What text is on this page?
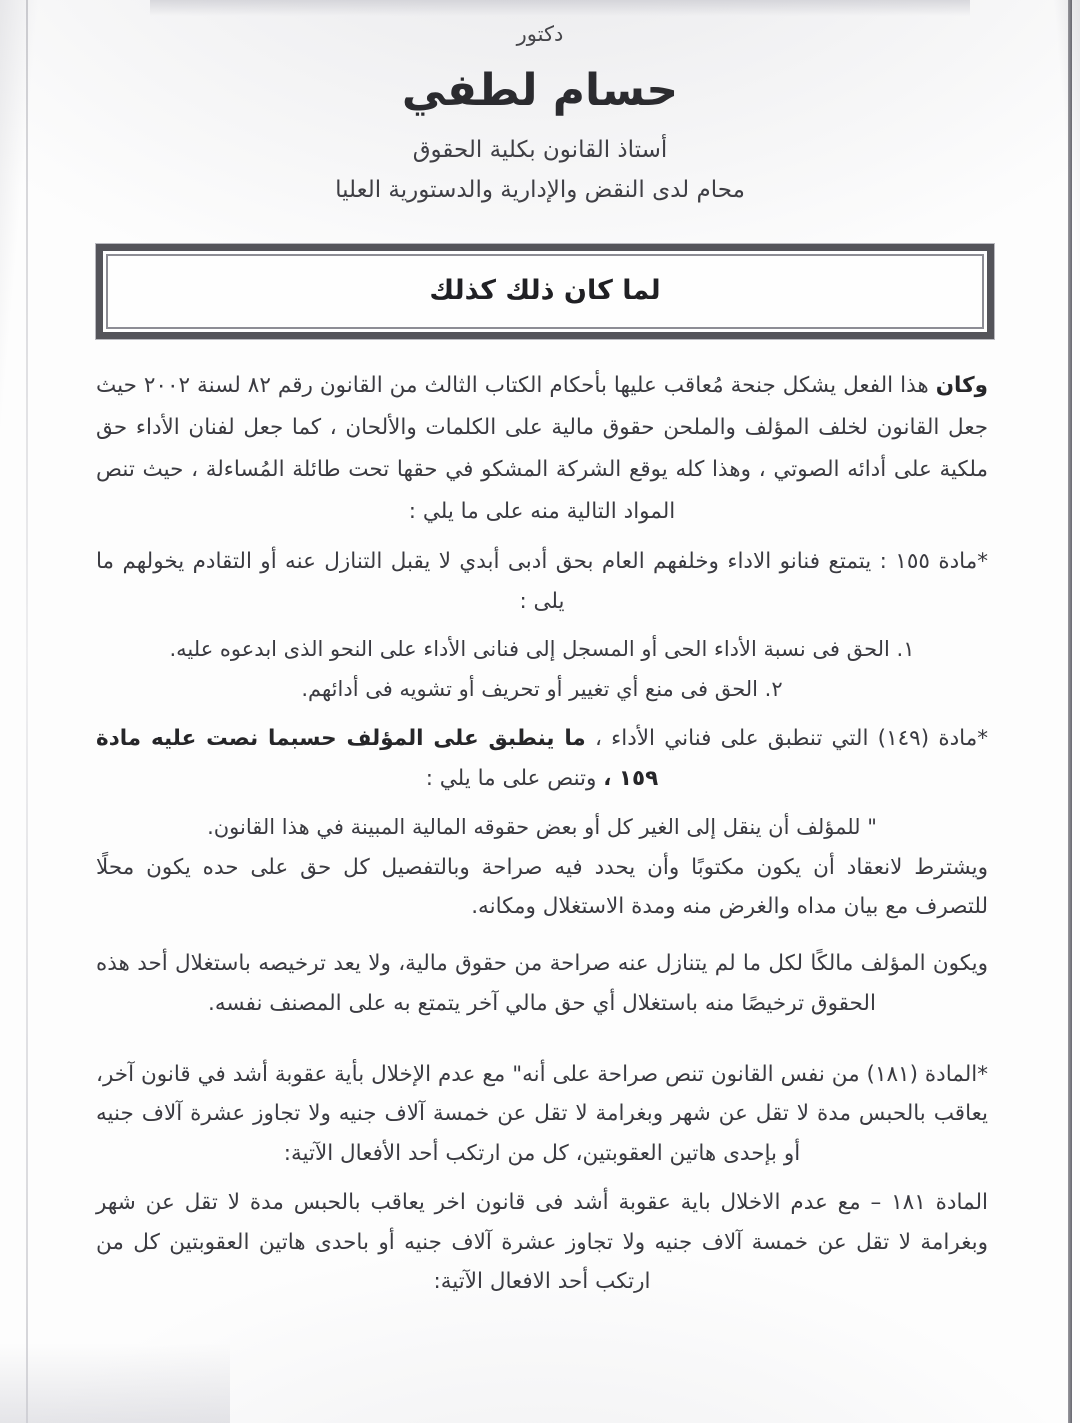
دكتور
حسام لطفي
أستاذ القانون بكلية الحقوق
محام لدى النقض والإدارية والدستورية العليا
لما كان ذلك كذلك

وكان هذا الفعل يشكل جنحة مُعاقب عليها بأحكام الكتاب الثالث من القانون رقم ٨٢ لسنة ٢٠٠٢ حيث جعل القانون لخلف المؤلف والملحن حقوق مالية على الكلمات والألحان ، كما جعل لفنان الأداء حق ملكية على أدائه الصوتي ، وهذا كله يوقع الشركة المشكو في حقها تحت طائلة المُساءلة ، حيث تنص المواد التالية منه على ما يلي :

*مادة ١٥٥ : يتمتع فنانو الاداء وخلفهم العام بحق أدبى أبدي لا يقبل التنازل عنه أو التقادم يخولهم ما يلى :

١. الحق فى نسبة الأداء الحى أو المسجل إلى فنانى الأداء على النحو الذى ابدعوه عليه.

٢. الحق فى منع أي تغيير أو تحريف أو تشويه فى أدائهم.

*مادة (١٤٩) التي تنطبق على فناني الأداء ، ما ينطبق على المؤلف حسبما نصت عليه مادة ١٥٩ ، وتنص على ما يلي :

" للمؤلف أن ينقل إلى الغير كل أو بعض حقوقه المالية المبينة في هذا القانون.

ويشترط لانعقاد أن يكون مكتوبًا وأن يحدد فيه صراحة وبالتفصيل كل حق على حده يكون محلًا للتصرف مع بيان مداه والغرض منه ومدة الاستغلال ومكانه.

ويكون المؤلف مالكًا لكل ما لم يتنازل عنه صراحة من حقوق مالية، ولا يعد ترخيصه باستغلال أحد هذه الحقوق ترخيصًا منه باستغلال أي حق مالي آخر يتمتع به على المصنف نفسه.

*المادة (١٨١) من نفس القانون تنص صراحة على أنه" مع عدم الإخلال بأية عقوبة أشد في قانون آخر، يعاقب بالحبس مدة لا تقل عن شهر وبغرامة لا تقل عن خمسة آلاف جنيه ولا تجاوز عشرة آلاف جنيه أو بإحدى هاتين العقوبتين، كل من ارتكب أحد الأفعال الآتية:

المادة ١٨١ – مع عدم الاخلال باية عقوبة أشد فى قانون اخر يعاقب بالحبس مدة لا تقل عن شهر وبغرامة لا تقل عن خمسة آلاف جنيه ولا تجاوز عشرة آلاف جنيه أو باحدى هاتين العقوبتين كل من ارتكب أحد الافعال الآتية:
